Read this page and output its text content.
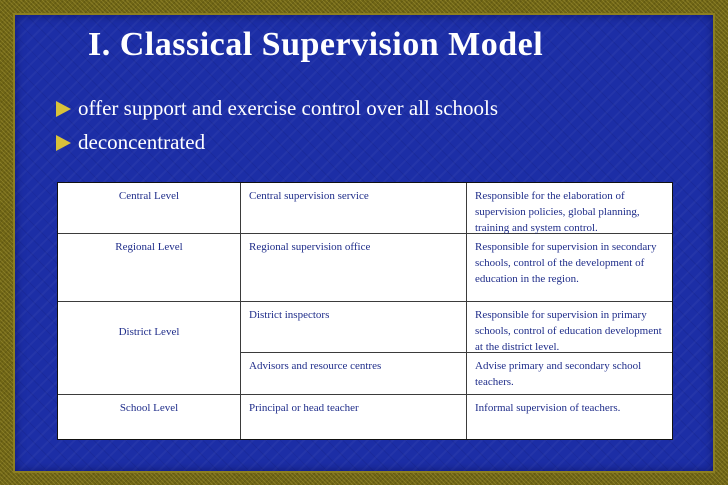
I. Classical Supervision Model
offer support and exercise control over all schools
deconcentrated
Central Level	Central supervision service	Responsible for the elaboration of supervision policies, global planning, training and system control.
Regional Level	Regional supervision office	Responsible for supervision in secondary schools, control of the development of education in the region.
District Level
District inspectors	Responsible for supervision in primary schools, control of education development at the district level.
Advisors and resource centres	Advise primary and secondary school teachers.
School Level	Principal or head teacher	Informal supervision of teachers.
